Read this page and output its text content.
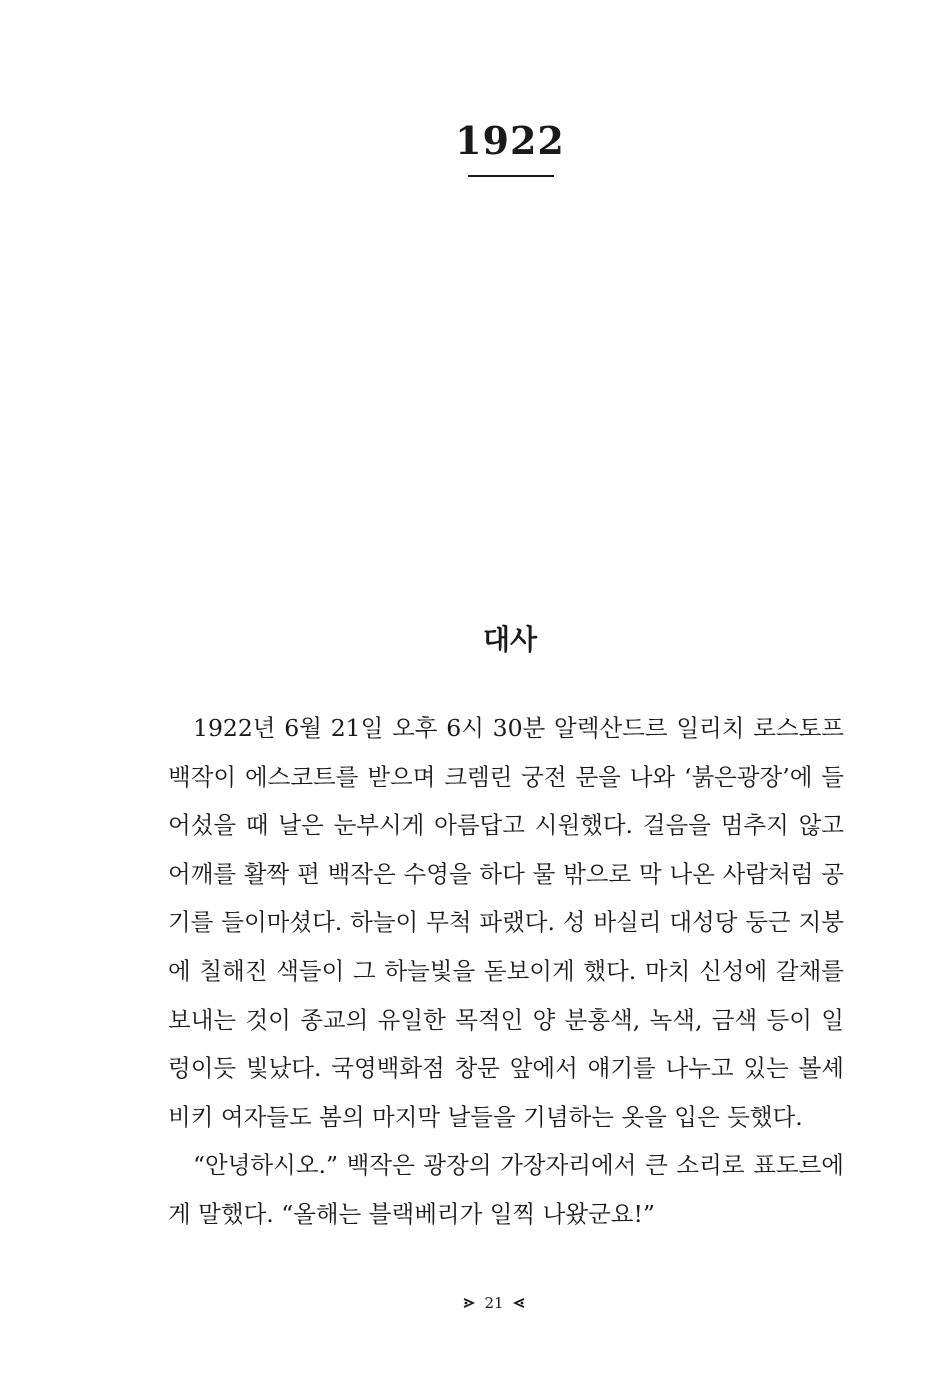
1922
대사

1922년 6월 21일 오후 6시 30분 알렉산드르 일리치 로스토프 백작이 에스코트를 받으며 크렘린 궁전 문을 나와 ‘붉은광장’에 들어섰을 때 날은 눈부시게 아름답고 시원했다. 걸음을 멈추지 않고 어깨를 활짝 편 백작은 수영을 하다 물 밖으로 막 나온 사람처럼 공기를 들이마셨다. 하늘이 무척 파랬다. 성 바실리 대성당 둥근 지붕에 칠해진 색들이 그 하늘빛을 돋보이게 했다. 마치 신성에 갈채를 보내는 것이 종교의 유일한 목적인 양 분홍색, 녹색, 금색 등이 일렁이듯 빛났다. 국영백화점 창문 앞에서 얘기를 나누고 있는 볼셰비키 여자들도 봄의 마지막 날들을 기념하는 옷을 입은 듯했다.

“안녕하시오.” 백작은 광장의 가장자리에서 큰 소리로 표도르에게 말했다. “올해는 블랙베리가 일찍 나왔군요!”

21
